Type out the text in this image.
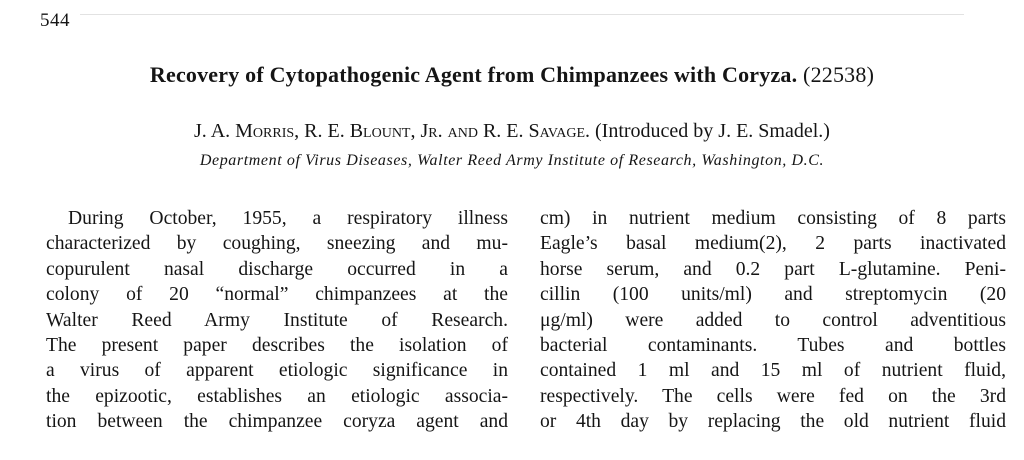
544
Recovery of Cytopathogenic Agent from Chimpanzees with Coryza. (22538)
J. A. Morris, R. E. Blount, Jr. and R. E. Savage. (Introduced by J. E. Smadel.)
Department of Virus Diseases, Walter Reed Army Institute of Research, Washington, D.C.
During October, 1955, a respiratory illness
characterized by coughing, sneezing and mu-
copurulent nasal discharge occurred in a
colony of 20 “normal” chimpanzees at the
Walter Reed Army Institute of Research.
The present paper describes the isolation of
a virus of apparent etiologic significance in
the epizootic, establishes an etiologic associa-
tion between the chimpanzee coryza agent and
cm) in nutrient medium consisting of 8 parts
Eagle’s basal medium(2), 2 parts inactivated
horse serum, and 0.2 part L-glutamine. Peni-
cillin (100 units/ml) and streptomycin (20
μg/ml) were added to control adventitious
bacterial contaminants. Tubes and bottles
contained 1 ml and 15 ml of nutrient fluid,
respectively. The cells were fed on the 3rd
or 4th day by replacing the old nutrient fluid
